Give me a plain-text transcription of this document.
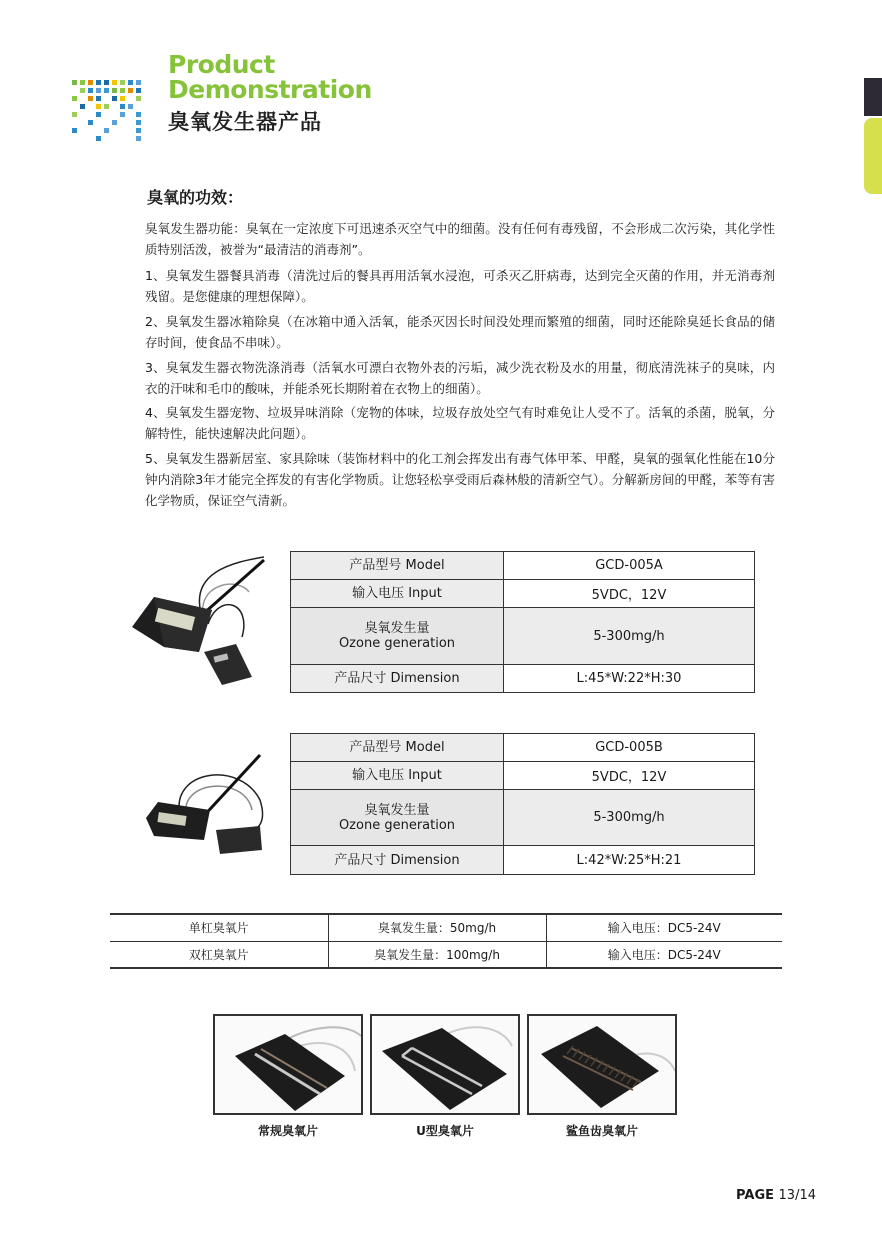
Product
Demonstration
臭氧发生器产品
臭氧的功效：

臭氧发生器功能：臭氧在一定浓度下可迅速杀灭空气中的细菌。没有任何有毒残留，不会形成二次污染，其化学性质特别活泼，被誉为“最清洁的消毒剂”。

1、臭氧发生器餐具消毒（清洗过后的餐具再用活氧水浸泡，可杀灭乙肝病毒，达到完全灭菌的作用，并无消毒剂残留。是您健康的理想保障）。

2、臭氧发生器冰箱除臭（在冰箱中通入活氧，能杀灭因长时间没处理而繁殖的细菌，同时还能除臭延长食品的储存时间，使食品不串味）。

3、臭氧发生器衣物洗涤消毒（活氧水可漂白衣物外表的污垢，减少洗衣粉及水的用量，彻底清洗袜子的臭味，内衣的汗味和毛巾的酸味，并能杀死长期附着在衣物上的细菌）。

4、臭氧发生器宠物、垃圾异味消除（宠物的体味，垃圾存放处空气有时难免让人受不了。活氧的杀菌，脱氧，分解特性，能快速解决此问题）。

5、臭氧发生器新居室、家具除味（装饰材料中的化工剂会挥发出有毒气体甲苯、甲醛，臭氧的强氧化性能在10分钟内消除3年才能完全挥发的有害化学物质。让您轻松享受雨后森林般的清新空气）。分解新房间的甲醛，苯等有害化学物质，保证空气清新。

产品型号 Model	GCD-005A
输入电压 Input	5VDC，12V

臭氧发生量
Ozone generation	5-300mg/h
产品尺寸 Dimension	L:45*W:22*H:30
产品型号 Model	GCD-005B
输入电压 Input	5VDC，12V

臭氧发生量
Ozone generation	5-300mg/h
产品尺寸 Dimension	L:42*W:25*H:21
单杠臭氧片	臭氧发生量：50mg/h	输入电压：DC5-24V
双杠臭氧片	臭氧发生量：100mg/h	输入电压：DC5-24V
常规臭氧片	U型臭氧片	鲨鱼齿臭氧片
PAGE 13/14
